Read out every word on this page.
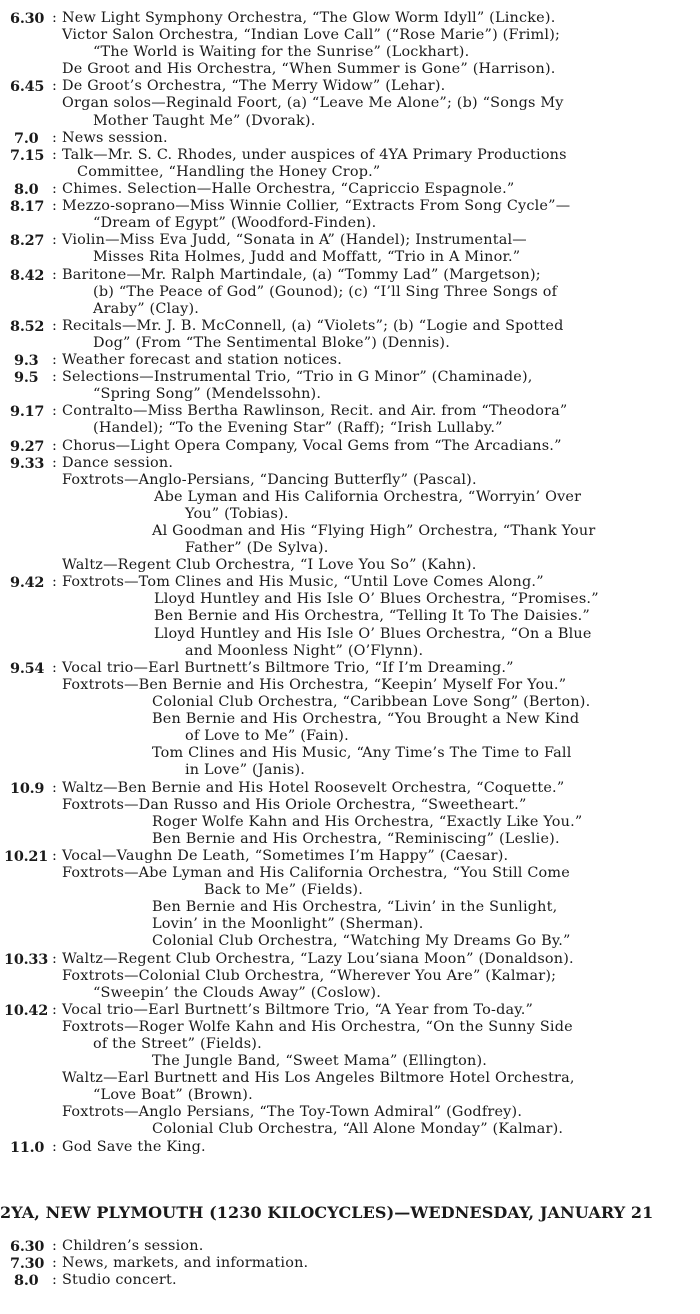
6.30 : New Light Symphony Orchestra, “The Glow Worm Idyll” (Lincke).
Victor Salon Orchestra, “Indian Love Call” (“Rose Marie”) (Friml);
“The World is Waiting for the Sunrise” (Lockhart).
De Groot and His Orchestra, “When Summer is Gone” (Harrison).
6.45 : De Groot’s Orchestra, “The Merry Widow” (Lehar).
Organ solos—Reginald Foort, (a) “Leave Me Alone”; (b) “Songs My
Mother Taught Me” (Dvorak).
7.0 : News session.
7.15 : Talk—Mr. S. C. Rhodes, under auspices of 4YA Primary Productions
Committee, “Handling the Honey Crop.”
8.0 : Chimes. Selection—Halle Orchestra, “Capriccio Espagnole.”
8.17 : Mezzo-soprano—Miss Winnie Collier, “Extracts From Song Cycle”—
“Dream of Egypt” (Woodford-Finden).
8.27 : Violin—Miss Eva Judd, “Sonata in A” (Handel); Instrumental—
Misses Rita Holmes, Judd and Moffatt, “Trio in A Minor.”
8.42 : Baritone—Mr. Ralph Martindale, (a) “Tommy Lad” (Margetson);
(b) “The Peace of God” (Gounod); (c) “I’ll Sing Three Songs of
Araby” (Clay).
8.52 : Recitals—Mr. J. B. McConnell, (a) “Violets”; (b) “Logie and Spotted
Dog” (From “The Sentimental Bloke”) (Dennis).
9.3 : Weather forecast and station notices.
9.5 : Selections—Instrumental Trio, “Trio in G Minor” (Chaminade),
“Spring Song” (Mendelssohn).
9.17 : Contralto—Miss Bertha Rawlinson, Recit. and Air. from “Theodora”
(Handel); “To the Evening Star” (Raff); “Irish Lullaby.”
9.27 : Chorus—Light Opera Company, Vocal Gems from “The Arcadians.”
9.33 : Dance session.
Foxtrots—Anglo-Persians, “Dancing Butterfly” (Pascal).
Abe Lyman and His California Orchestra, “Worryin’ Over
You” (Tobias).
Al Goodman and His “Flying High” Orchestra, “Thank Your
Father” (De Sylva).
Waltz—Regent Club Orchestra, “I Love You So” (Kahn).
9.42 : Foxtrots—Tom Clines and His Music, “Until Love Comes Along.”
Lloyd Huntley and His Isle O’ Blues Orchestra, “Promises.”
Ben Bernie and His Orchestra, “Telling It To The Daisies.”
Lloyd Huntley and His Isle O’ Blues Orchestra, “On a Blue
and Moonless Night” (O’Flynn).
9.54 : Vocal trio—Earl Burtnett’s Biltmore Trio, “If I’m Dreaming.”
Foxtrots—Ben Bernie and His Orchestra, “Keepin’ Myself For You.”
Colonial Club Orchestra, “Caribbean Love Song” (Berton).
Ben Bernie and His Orchestra, “You Brought a New Kind
of Love to Me” (Fain).
Tom Clines and His Music, “Any Time’s The Time to Fall
in Love” (Janis).
10.9 : Waltz—Ben Bernie and His Hotel Roosevelt Orchestra, “Coquette.”
Foxtrots—Dan Russo and His Oriole Orchestra, “Sweetheart.”
Roger Wolfe Kahn and His Orchestra, “Exactly Like You.”
Ben Bernie and His Orchestra, “Reminiscing” (Leslie).
10.21 : Vocal—Vaughn De Leath, “Sometimes I’m Happy” (Caesar).
Foxtrots—Abe Lyman and His California Orchestra, “You Still Come
Back to Me” (Fields).
Ben Bernie and His Orchestra, “Livin’ in the Sunlight,
Lovin’ in the Moonlight” (Sherman).
Colonial Club Orchestra, “Watching My Dreams Go By.”
10.33 : Waltz—Regent Club Orchestra, “Lazy Lou’siana Moon” (Donaldson).
Foxtrots—Colonial Club Orchestra, “Wherever You Are” (Kalmar);
“Sweepin’ the Clouds Away” (Coslow).
10.42 : Vocal trio—Earl Burtnett’s Biltmore Trio, “A Year from To-day.”
Foxtrots—Roger Wolfe Kahn and His Orchestra, “On the Sunny Side
of the Street” (Fields).
The Jungle Band, “Sweet Mama” (Ellington).
Waltz—Earl Burtnett and His Los Angeles Biltmore Hotel Orchestra,
“Love Boat” (Brown).
Foxtrots—Anglo Persians, “The Toy-Town Admiral” (Godfrey).
Colonial Club Orchestra, “All Alone Monday” (Kalmar).
11.0 : God Save the King.
2YA, NEW PLYMOUTH (1230 KILOCYCLES)—WEDNESDAY, JANUARY 21
6.30 : Children’s session.
7.30 : News, markets, and information.
8.0 : Studio concert.
